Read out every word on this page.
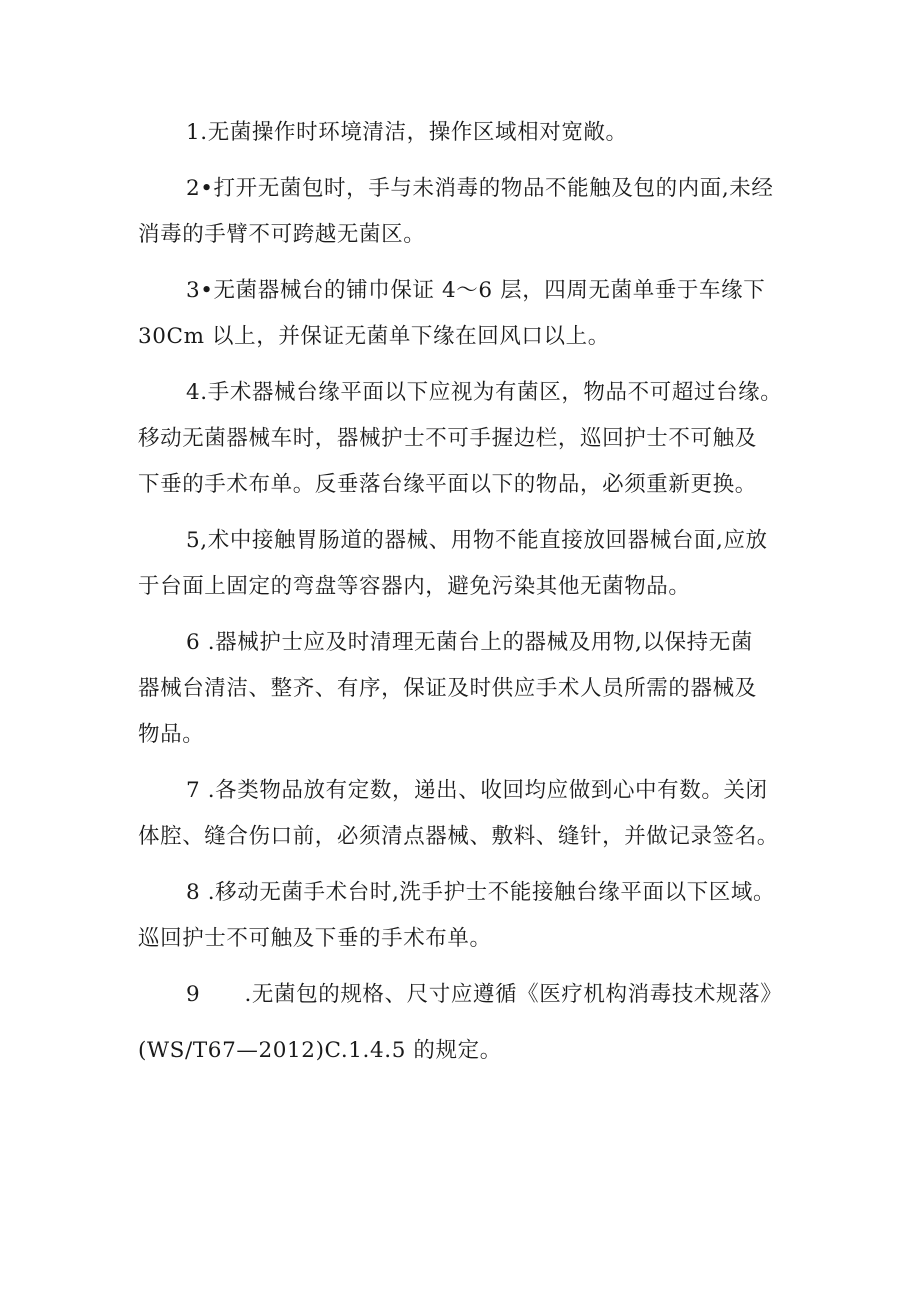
1.无菌操作时环境清洁，操作区域相对宽敞。

2•打开无菌包时，手与未消毒的物品不能触及包的内面,未经
消毒的手臂不可跨越无菌区。

3•无菌器械台的铺巾保证 4～6 层，四周无菌单垂于车缘下
30Cm 以上，并保证无菌单下缘在回风口以上。

4.手术器械台缘平面以下应视为有菌区，物品不可超过台缘。
移动无菌器械车时，器械护士不可手握边栏，巡回护士不可触及
下垂的手术布单。反垂落台缘平面以下的物品，必须重新更换。

5,术中接触胃肠道的器械、用物不能直接放回器械台面,应放
于台面上固定的弯盘等容器内，避免污染其他无菌物品。

6 .器械护士应及时清理无菌台上的器械及用物,以保持无菌
器械台清洁、整齐、有序，保证及时供应手术人员所需的器械及
物品。

7 .各类物品放有定数，递出、收回均应做到心中有数。关闭
体腔、缝合伤口前，必须清点器械、敷料、缝针，并做记录签名。

8 .移动无菌手术台时,洗手护士不能接触台缘平面以下区域。
巡回护士不可触及下垂的手术布单。

9　　.无菌包的规格、尺寸应遵循《医疗机构消毒技术规落》
(WS/T67—2012)C.1.4.5 的规定。
